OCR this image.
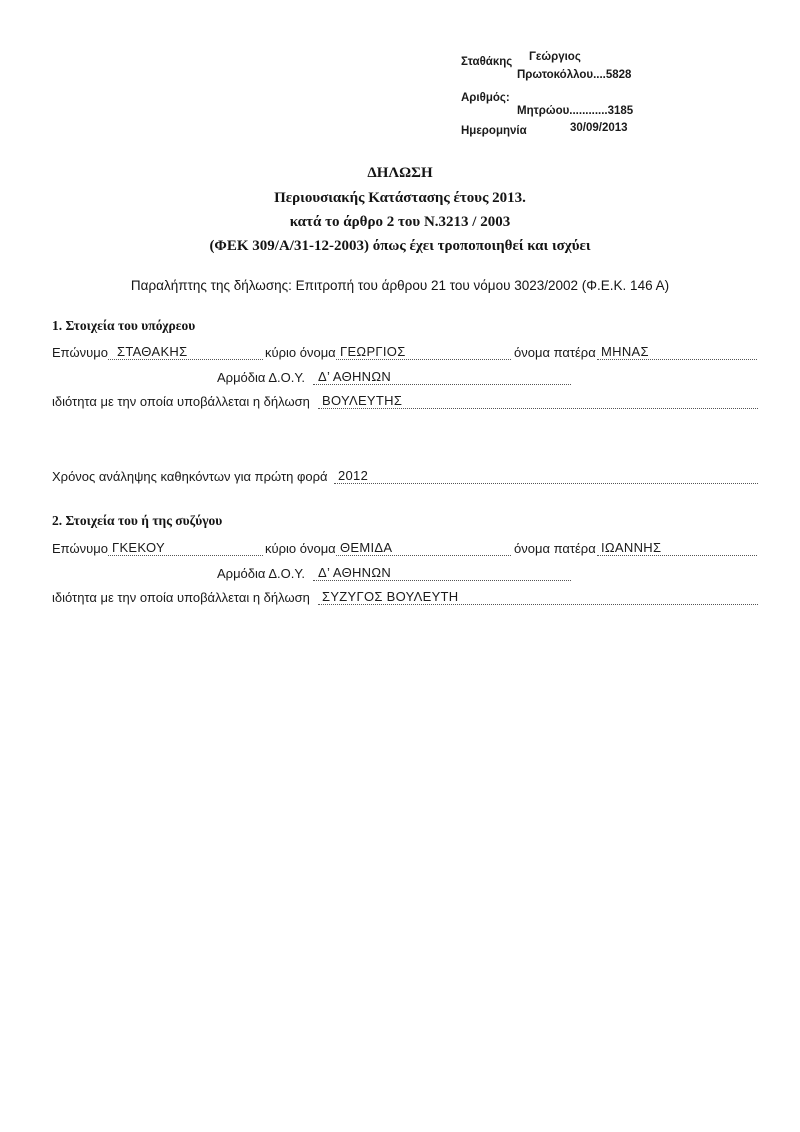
Σταθάκης Γεώργιος
Πρωτοκόλλου....5828
Αριθμός:
Μητρώου............3185
Ημερομηνία	30/09/2013
ΔΗΛΩΣΗ
Περιουσιακής Κατάστασης έτους 2013.
κατά το άρθρο 2 του Ν.3213 / 2003
(ΦΕΚ 309/Α/31-12-2003) όπως έχει τροποποιηθεί και ισχύει
Παραλήπτης της δήλωσης: Επιτροπή του άρθρου 21 του νόμου 3023/2002 (Φ.Ε.Κ. 146 Α)
1. Στοιχεία του υπόχρεου
Επώνυμο ΣΤΑΘΑΚΗΣ	κύριο όνομα ΓΕΩΡΓΙΟΣ	όνομα πατέρα ΜΗΝΑΣ
Αρμόδια Δ.Ο.Υ. Δ’ ΑΘΗΝΩΝ
ιδιότητα με την οποία υποβάλλεται η δήλωση ΒΟΥΛΕΥΤΗΣ
Χρόνος ανάληψης καθηκόντων για πρώτη φορά 2012
2. Στοιχεία του ή της συζύγου
Επώνυμο ΓΚΕΚΟΥ	κύριο όνομα ΘΕΜΙΔΑ	όνομα πατέρα ΙΩΑΝΝΗΣ
Αρμόδια Δ.Ο.Υ. Δ’ ΑΘΗΝΩΝ
ιδιότητα με την οποία υποβάλλεται η δήλωση ΣΥΖΥΓΟΣ ΒΟΥΛΕΥΤΗ
